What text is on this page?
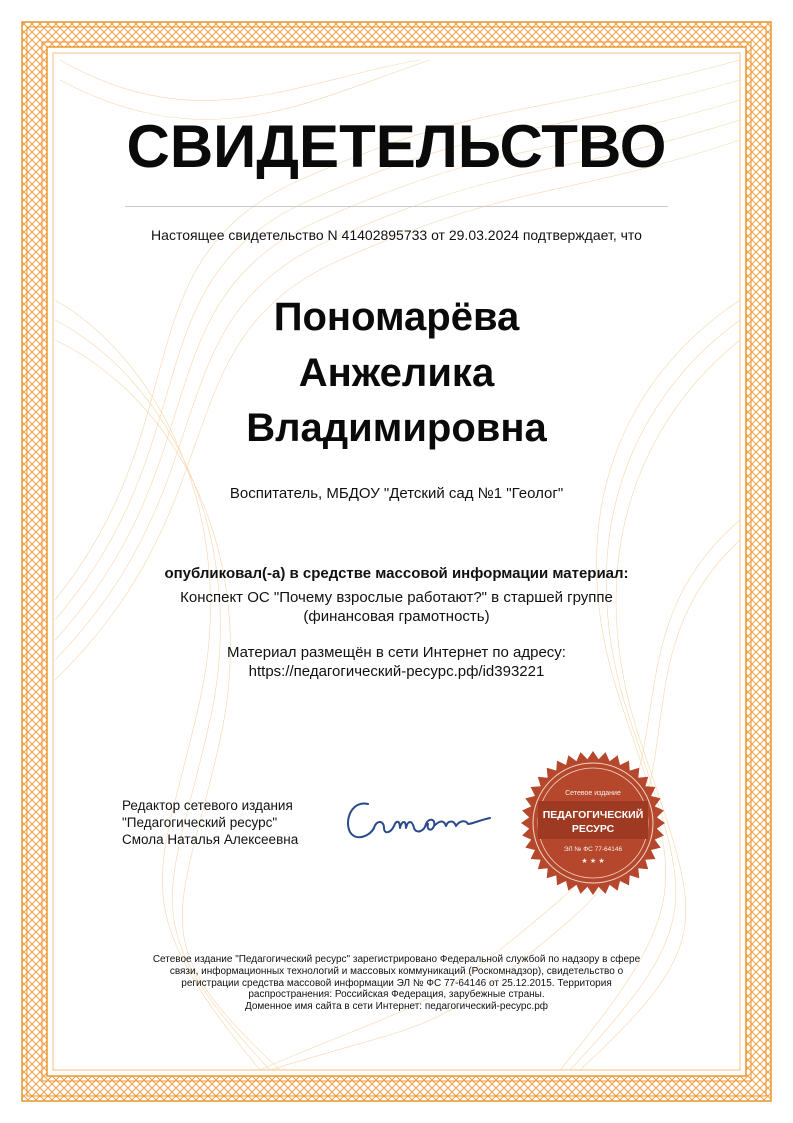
СВИДЕТЕЛЬСТВО
Настоящее свидетельство N 41402895733 от 29.03.2024 подтверждает, что
Пономарёва
Анжелика
Владимировна
Воспитатель, МБДОУ "Детский сад №1 "Геолог"
опубликовал(-а) в средстве массовой информации материал:
Конспект ОС "Почему взрослые работают?" в старшей группе
(финансовая грамотность)
Материал размещён в сети Интернет по адресу:
https://педагогический-ресурс.рф/id393221
Редактор сетевого издания
"Педагогический ресурс"
Смола Наталья Алексеевна
Сетевое издание
ПЕДАГОГИЧЕСКИЙ
РЕСУРС
ЭЛ № ФС 77-64146
★ ★ ★
Сетевое издание "Педагогический ресурс" зарегистрировано Федеральной службой по надзору в сфере
связи, информационных технологий и массовых коммуникаций (Роскомнадзор), свидетельство о
регистрации средства массовой информации ЭЛ № ФС 77-64146 от 25.12.2015. Территория
распространения: Российская Федерация, зарубежные страны.
Доменное имя сайта в сети Интернет: педагогический-ресурс.рф
